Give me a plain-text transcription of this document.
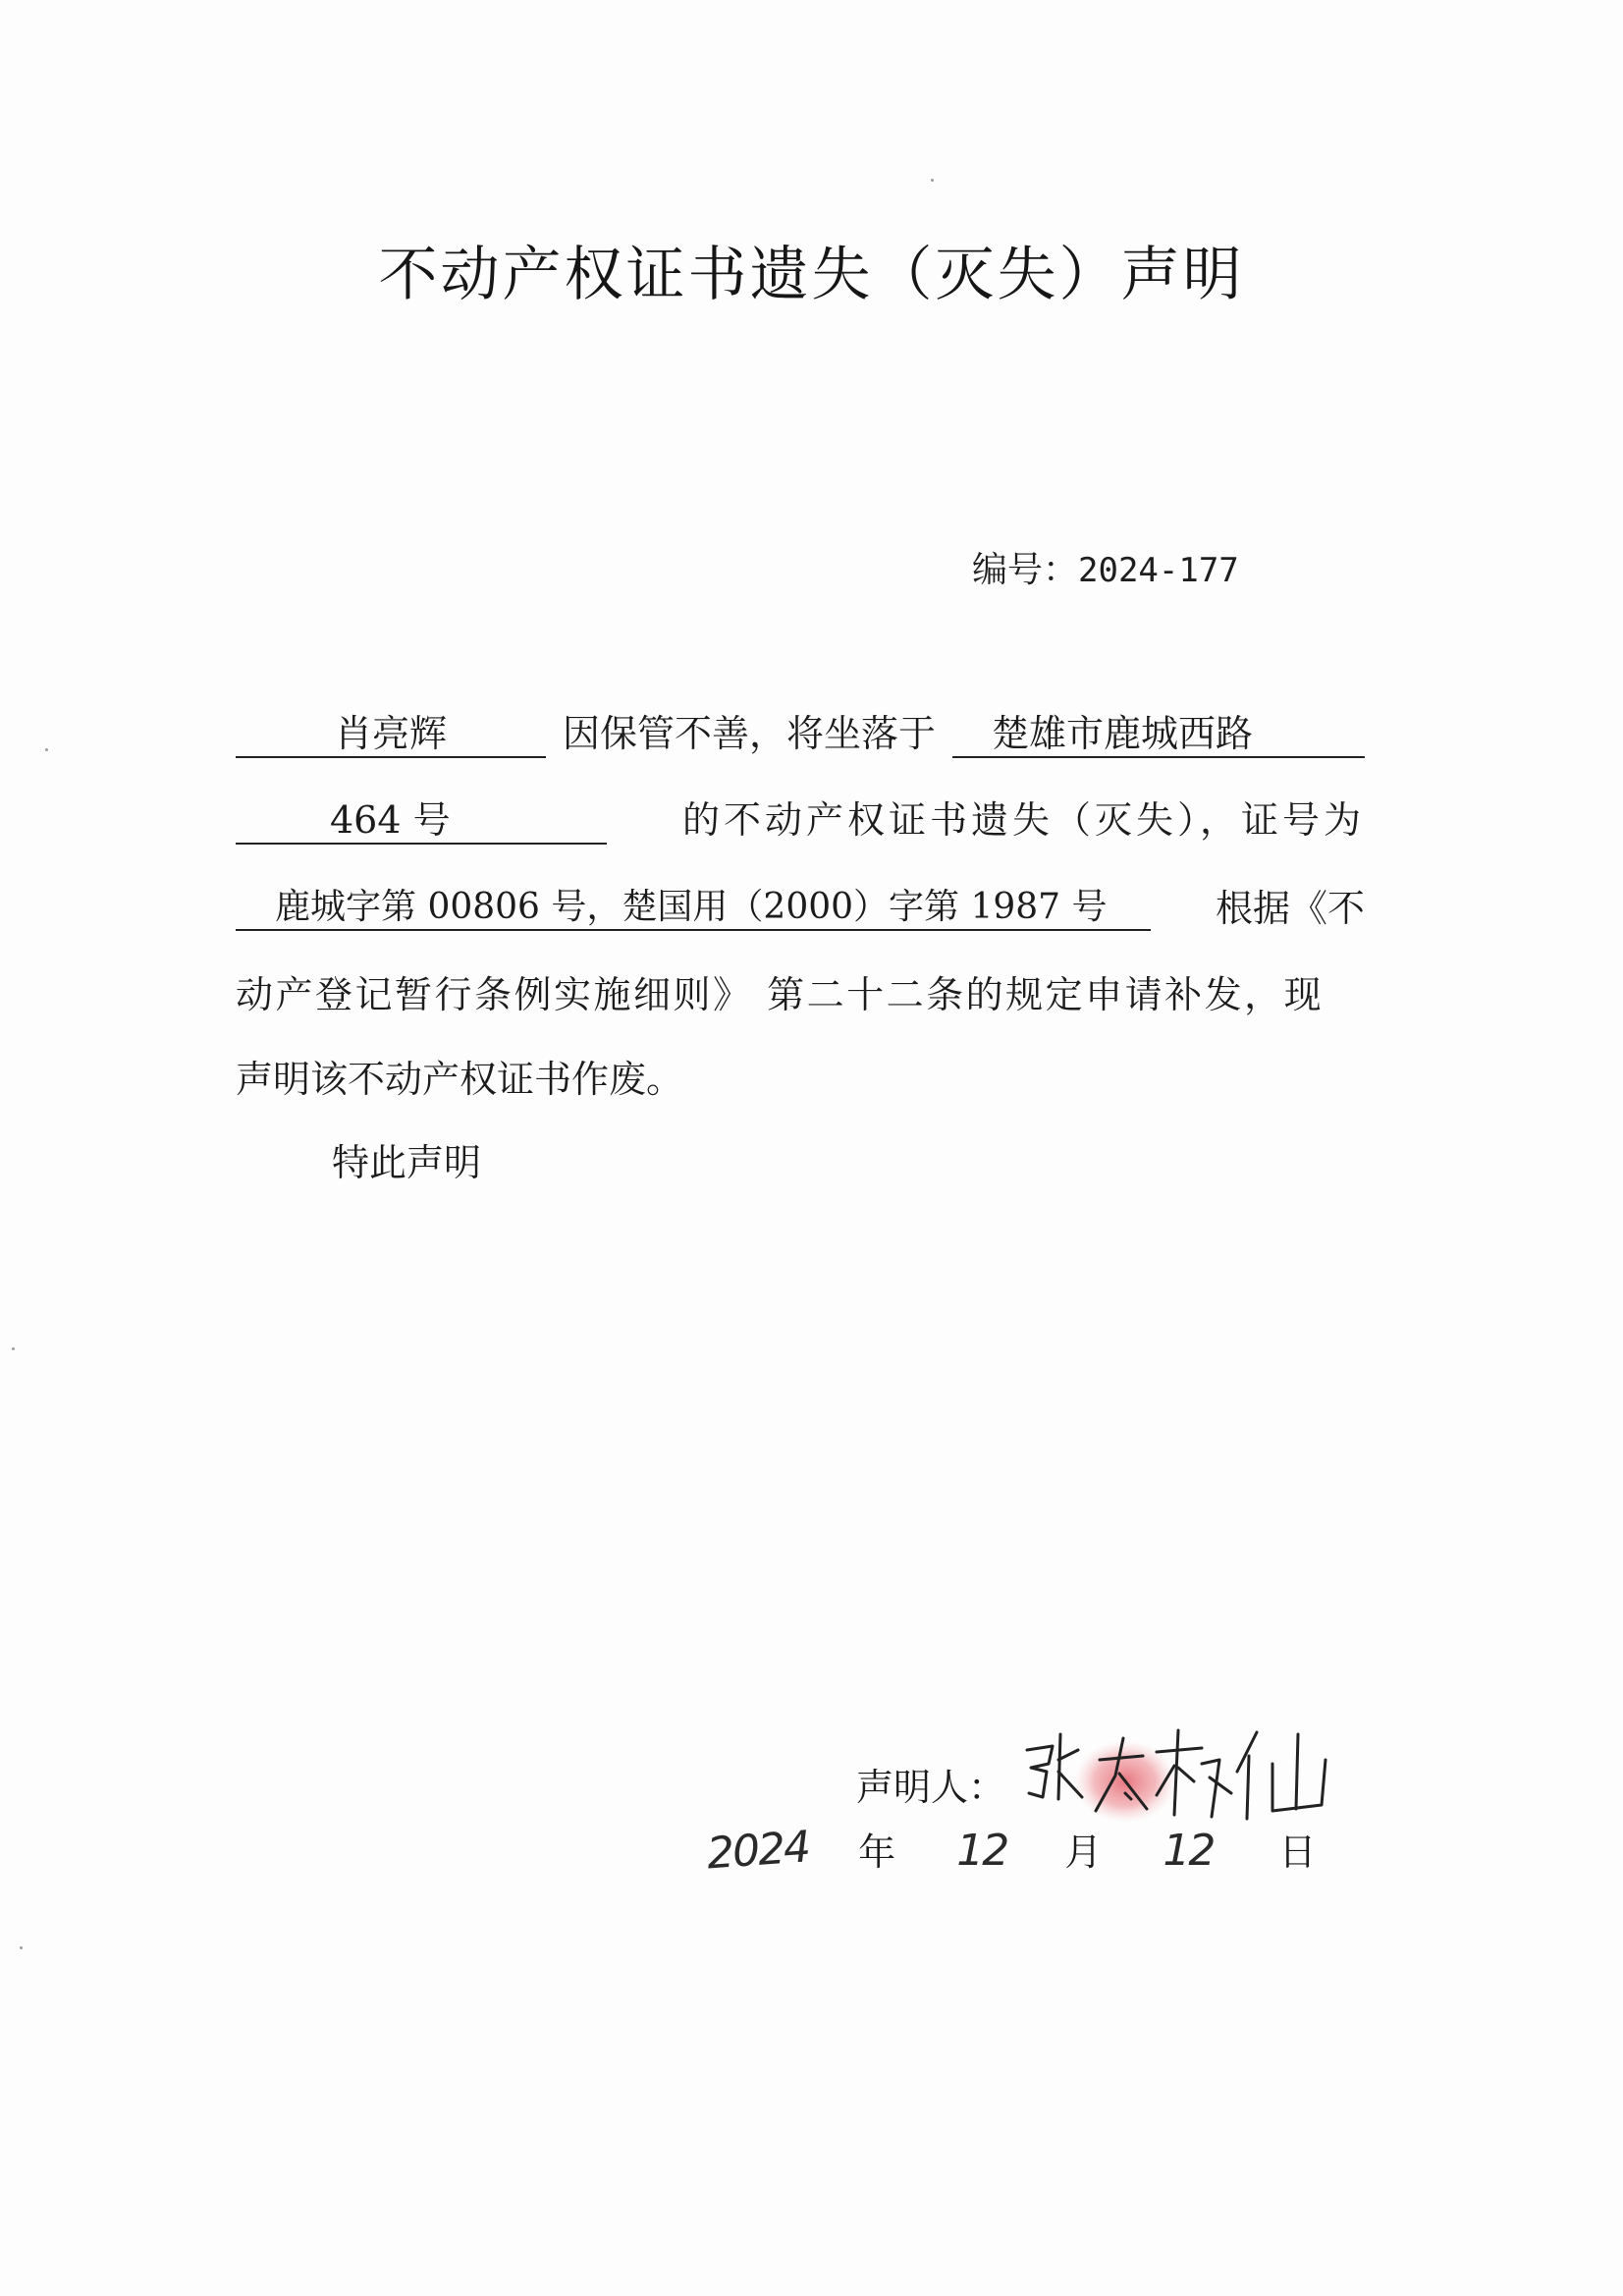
不动产权证书遗失（灭失）声明
编号：2024-177
肖亮辉	因保管不善，将坐落于	楚雄市鹿城西路
464 号	的不动产权证书遗失（灭失），证号为
鹿城字第 00806 号，楚国用（2000）字第 1987 号	根据《不
动产登记暂行条例实施细则》 第二十二条的规定申请补发，现
声明该不动产权证书作废。
特此声明
声明人：
2024 年 12 月 12 日
